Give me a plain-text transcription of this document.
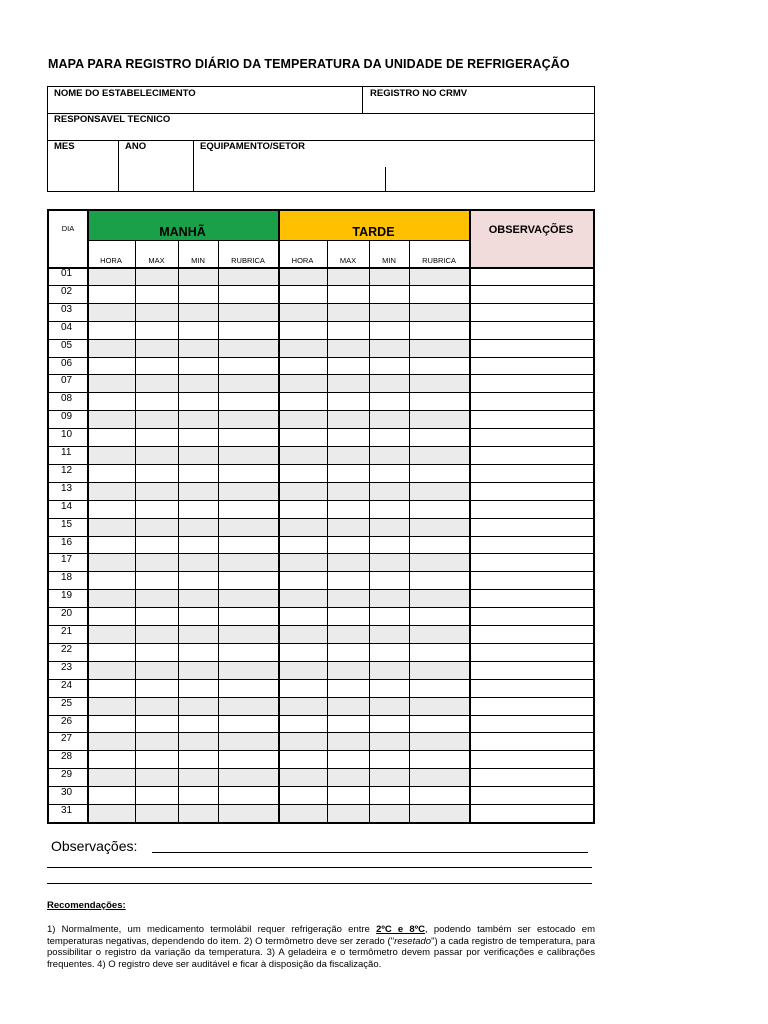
MAPA PARA REGISTRO DIÁRIO DA TEMPERATURA DA UNIDADE DE REFRIGERAÇÃO
NOME DO ESTABELECIMENTO	REGISTRO NO CRMV
RESPONSAVEL TECNICO
MES	ANO	EQUIPAMENTO/SETOR
DIA	MANHÃ	TARDE	OBSERVAÇÕES
HORA	MAX	MIN	RUBRICA	HORA	MAX	MIN	RUBRICA
01
02
03
04
05
06
07
08
09
10
11
12
13
14
15
16
17
18
19
20
21
22
23
24
25
26
27
28
29
30
31
Observações:
Recomendações:
1) Normalmente, um medicamento termolábil requer refrigeração entre 2ºC e 8ºC, podendo também ser estocado em temperaturas negativas, dependendo do item. 2) O termômetro deve ser zerado ("resetado") a cada registro de temperatura, para possibilitar o registro da variação da temperatura. 3) A geladeira e o termômetro devem passar por verificações e calibrações frequentes. 4) O registro deve ser auditável e ficar à disposição da fiscalização.
